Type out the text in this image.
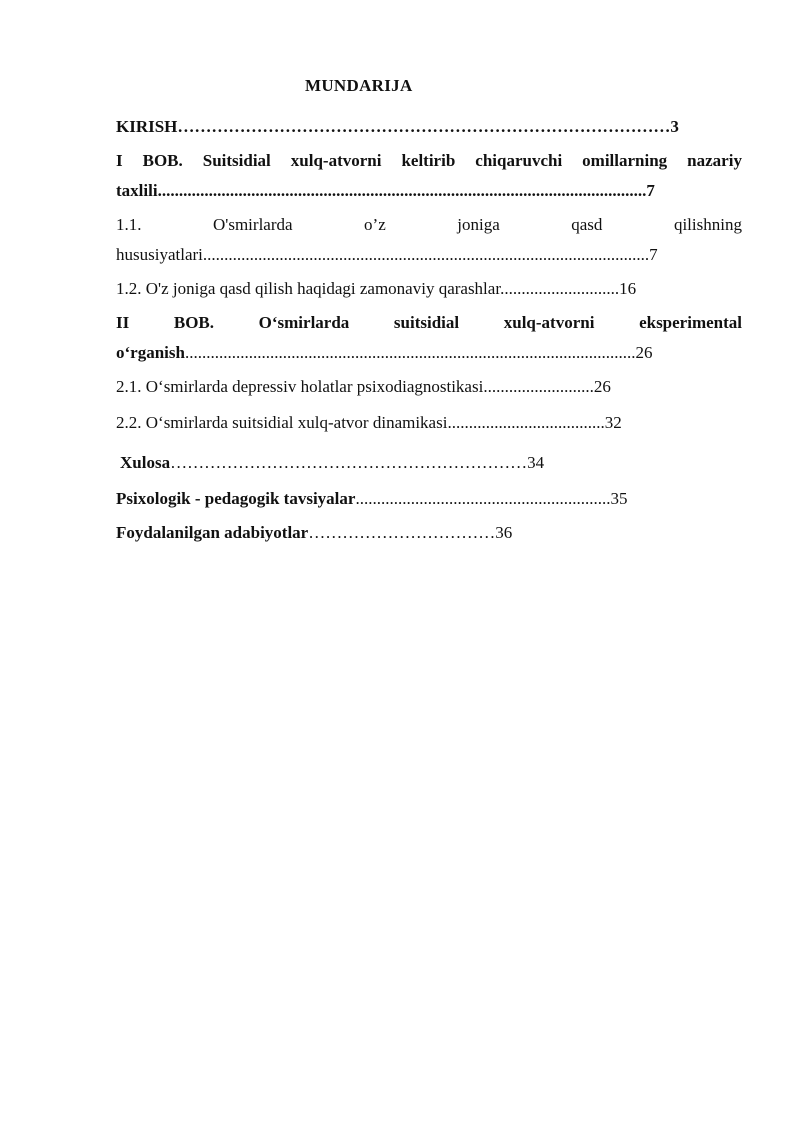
MUNDARIJA
KIRISH……………………………………………………………………………3
I BOB. Suitsidial xulq-atvorni keltirib chiqaruvchi omillarning nazariy
taxlili...................................................................................................................7
1.1.	O'smirlarda	o’z	joniga	qasd	qilishning
hususiyatlari.........................................................................................................7
1.2. O'z joniga qasd qilish haqidagi zamonaviy qarashlar............................16
II	BOB.	O‘smirlarda	suitsidial	xulq-atvorni	eksperimental
o‘rganish..........................................................................................................26
2.1. O‘smirlarda depressiv holatlar psixodiagnostikasi..........................26
2.2. O‘smirlarda suitsidial xulq-atvor dinamikasi.....................................32
Xulosa………………………………………………………34
Psixologik - pedagogik tavsiyalar............................................................35
Foydalanilgan adabiyotlar……………………………36
